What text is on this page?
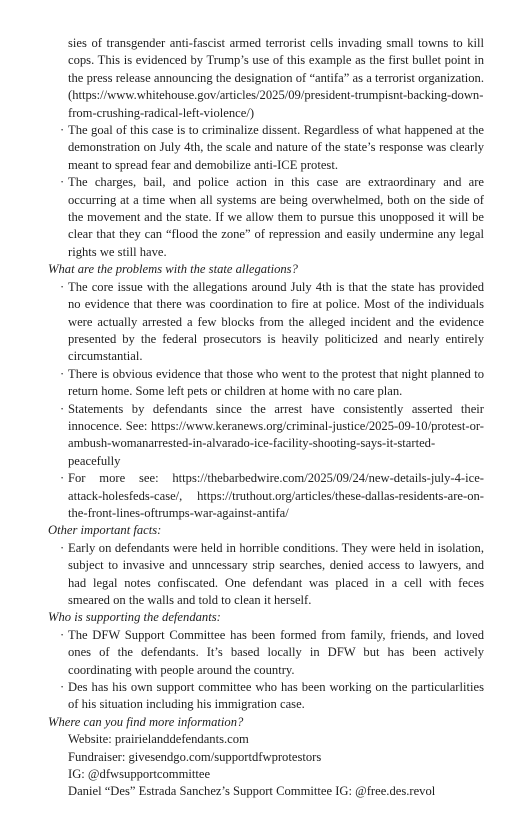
sies of transgender anti-fascist armed terrorist cells invading small towns to kill cops. This is evidenced by Trump’s use of this example as the first bullet point in the press release announcing the designation of “antifa” as a terrorist organization. (https://www.whitehouse.gov/articles/2025/09/president-trumpisnt-backing-down-from-crushing-radical-left-violence/)

· The goal of this case is to criminalize dissent. Regardless of what happened at the demonstration on July 4th, the scale and nature of the state’s response was clearly meant to spread fear and demobilize anti-ICE protest.

· The charges, bail, and police action in this case are extraordinary and are occurring at a time when all systems are being overwhelmed, both on the side of the movement and the state. If we allow them to pursue this unopposed it will be clear that they can “flood the zone” of repression and easily undermine any legal rights we still have.

What are the problems with the state allegations?

· The core issue with the allegations around July 4th is that the state has provided no evidence that there was coordination to fire at police. Most of the individuals were actually arrested a few blocks from the alleged incident and the evidence presented by the federal prosecutors is heavily politicized and nearly entirely circumstantial.

· There is obvious evidence that those who went to the protest that night planned to return home. Some left pets or children at home with no care plan.

· Statements by defendants since the arrest have consistently asserted their innocence. See: https://www.keranews.org/criminal-justice/2025-09-10/protest-or-ambush-womanarrested-in-alvarado-ice-facility-shooting-says-it-started-peacefully

· For more see: https://thebarbedwire.com/2025/09/24/new-details-july-4-ice-attack-holesfeds-case/, https://truthout.org/articles/these-dallas-residents-are-on-the-front-lines-oftrumps-war-against-antifa/

Other important facts:

· Early on defendants were held in horrible conditions. They were held in isolation, subject to invasive and unncessary strip searches, denied access to lawyers, and had legal notes confiscated. One defendant was placed in a cell with feces smeared on the walls and told to clean it herself.

Who is supporting the defendants:

· The DFW Support Committee has been formed from family, friends, and loved ones of the defendants. It’s based locally in DFW but has been actively coordinating with people around the country.

· Des has his own support committee who has been working on the particularlities of his situation including his immigration case.

Where can you find more information?

Website: prairielanddefendants.com

Fundraiser: givesendgo.com/supportdfwprotestors

IG: @dfwsupportcommittee

Daniel “Des” Estrada Sanchez’s Support Committee IG: @free.des.revol
